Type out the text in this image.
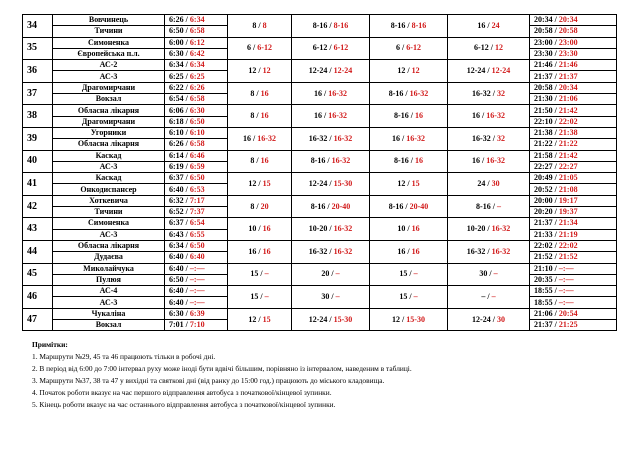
34	Вовчинець	6:26 / 6:34	8 / 8	8-16 / 8-16	8-16 / 8-16	16 / 24	20:34 / 20:34
	Тичини	6:50 / 6:58					20:58 / 20:58
35	Симоненка	6:00 / 6:12	6 / 6-12	6-12 / 6-12	6 / 6-12	6-12 / 12	23:00 / 23:00
	Європейська п.л.	6:30 / 6:42					23:30 / 23:30
36	АС-2	6:34 / 6:34	12 / 12	12-24 / 12-24	12 / 12	12-24 / 12-24	21:46 / 21:46
	АС-3	6:25 / 6:25					21:37 / 21:37
37	Драгомирчани	6:22 / 6:26	8 / 16	16 / 16-32	8-16 / 16-32	16-32 / 32	20:58 / 20:34
	Вокзал	6:54 / 6:58					21:30 / 21:06
38	Обласна лікарня	6:06 / 6:30	8 / 16	16 / 16-32	8-16 / 16	16 / 16-32	21:50 / 21:42
	Драгомирчани	6:18 / 6:50					22:10 / 22:02
39	Угорники	6:10 / 6:10	16 / 16-32	16-32 / 16-32	16 / 16-32	16-32 / 32	21:38 / 21:38
	Обласна лікарня	6:26 / 6:58					21:22 / 21:22
40	Каскад	6:14 / 6:46	8 / 16	8-16 / 16-32	8-16 / 16	16 / 16-32	21:58 / 21:42
	АС-3	6:19 / 6:59					22:27 / 22:27
41	Каскад	6:37 / 6:50	12 / 15	12-24 / 15-30	12 / 15	24 / 30	20:49 / 21:05
	Онкодиспансер	6:40 / 6:53					20:52 / 21:08
42	Хоткевича	6:32 / 7:17	8 / 20	8-16 / 20-40	8-16 / 20-40	8-16 / –	20:00 / 19:17
	Тичини	6:52 / 7:37					20:20 / 19:37
43	Симоненка	6:37 / 6:54	10 / 16	10-20 / 16-32	10 / 16	10-20 / 16-32	21:37 / 21:34
	АС-3	6:43 / 6:55					21:33 / 21:19
44	Обласна лікарня	6:34 / 6:50	16 / 16	16-32 / 16-32	16 / 16	16-32 / 16-32	22:02 / 22:02
	Дудаєва	6:40 / 6:40					21:52 / 21:52
45	Миколайчука	6:40 / –:––	15 / –	20 / –	15 / –	30 / –	21:10 / –:––
	Пулюя	6:50 / –:––					20:35 / –:––
46	АС-4	6:40 / –:––	15 / –	30 / –	15 / –	– / –	18:55 / –:––
	АС-3	6:40 / –:––					18:55 / –:––
47	Чукаліна	6:30 / 6:39	12 / 15	12-24 / 15-30	12 / 15-30	12-24 / 30	21:06 / 20:54
	Вокзал	7:01 / 7:10					21:37 / 21:25
Примітки:
1. Маршрути №29, 45 та 46 працюють тільки в робочі дні.
2. В період від 6:00 до 7:00 інтервал руху може іноді бути вдвічі більшим, порівняно із інтервалом, наведеним в таблиці.
3. Маршрути №37, 38 та 47 у вихідні та святкові дні (від ранку до 15:00 год.) працюють до міського кладовища.
4. Початок роботи вказує на час першого відправлення автобуса з початкової/кінцевої зупинки.
5. Кінець роботи вказує на час останнього відправлення автобуса з початкової/кінцевої зупинки.
